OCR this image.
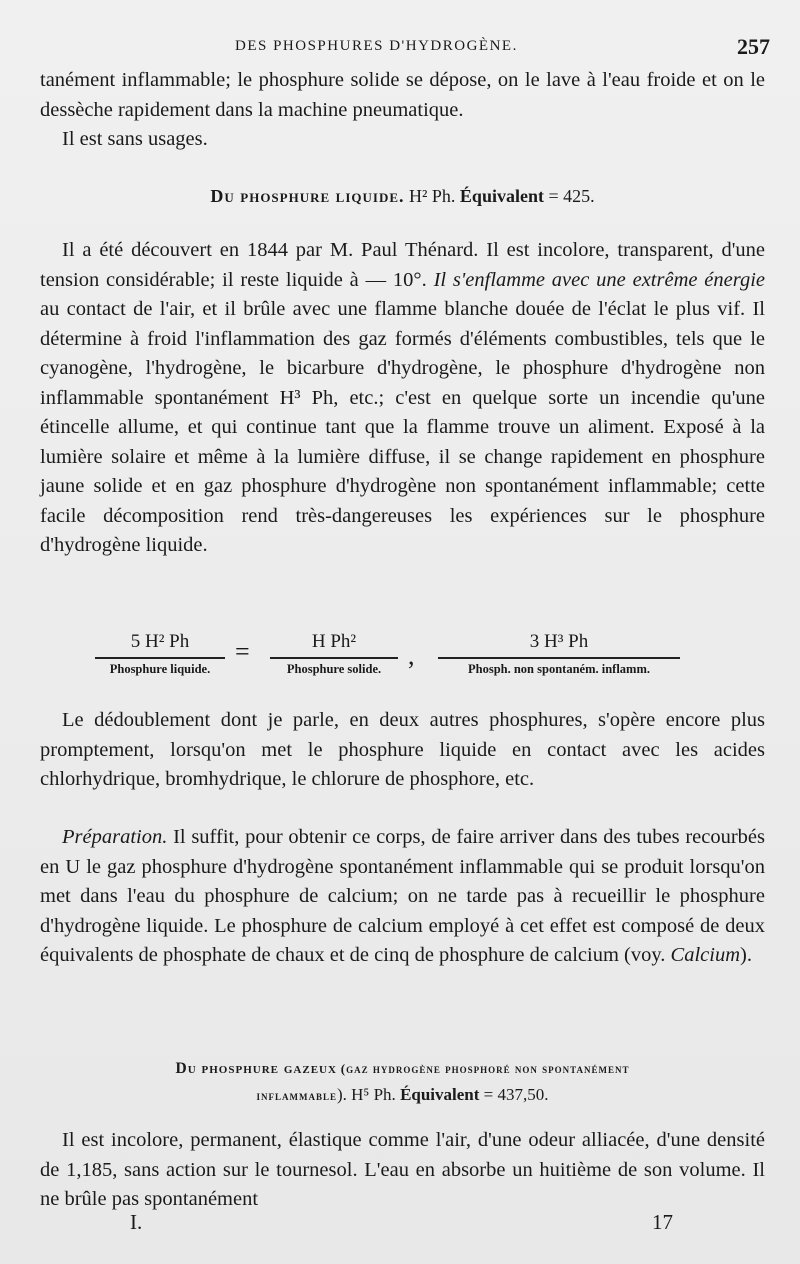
DES PHOSPHURES D'HYDROGÈNE.	257

tanément inflammable; le phosphure solide se dépose, on le lave à l'eau froide et on le dessèche rapidement dans la machine pneumatique.

Il est sans usages.

Du phosphure liquide. H² Ph. Équivalent = 425.

Il a été découvert en 1844 par M. Paul Thénard. Il est incolore, transparent, d'une tension considérable; il reste liquide à — 10°. Il s'enflamme avec une extrême énergie au contact de l'air, et il brûle avec une flamme blanche douée de l'éclat le plus vif. Il détermine à froid l'inflammation des gaz formés d'éléments combustibles, tels que le cyanogène, l'hydrogène, le bicarbure d'hydrogène, le phosphure d'hydrogène non inflammable spontanément H³ Ph, etc.; c'est en quelque sorte un incendie qu'une étincelle allume, et qui continue tant que la flamme trouve un aliment. Exposé à la lumière solaire et même à la lumière diffuse, il se change rapidement en phosphure jaune solide et en gaz phosphure d'hydrogène non spontanément inflammable; cette facile décomposition rend très-dangereuses les expériences sur le phosphure d'hydrogène liquide.

5 H² Ph
Phosphure liquide.
=	H Ph²
Phosphure solide.	,	3 H³ Ph
Phosph. non spontaném. inflamm.

Le dédoublement dont je parle, en deux autres phosphures, s'opère encore plus promptement, lorsqu'on met le phosphure liquide en contact avec les acides chlorhydrique, bromhydrique, le chlorure de phosphore, etc.

Préparation. Il suffit, pour obtenir ce corps, de faire arriver dans des tubes recourbés en U le gaz phosphure d'hydrogène spontanément inflammable qui se produit lorsqu'on met dans l'eau du phosphure de calcium; on ne tarde pas à recueillir le phosphure d'hydrogène liquide. Le phosphure de calcium employé à cet effet est composé de deux équivalents de phosphate de chaux et de cinq de phosphure de calcium (voy. Calcium).

Du phosphure gazeux (gaz hydrogène phosphoré non spontanément
inflammable). H⁵ Ph. Équivalent = 437,50.

Il est incolore, permanent, élastique comme l'air, d'une odeur alliacée, d'une densité de 1,185, sans action sur le tournesol. L'eau en absorbe un huitième de son volume. Il ne brûle pas spontanément

I.	17
